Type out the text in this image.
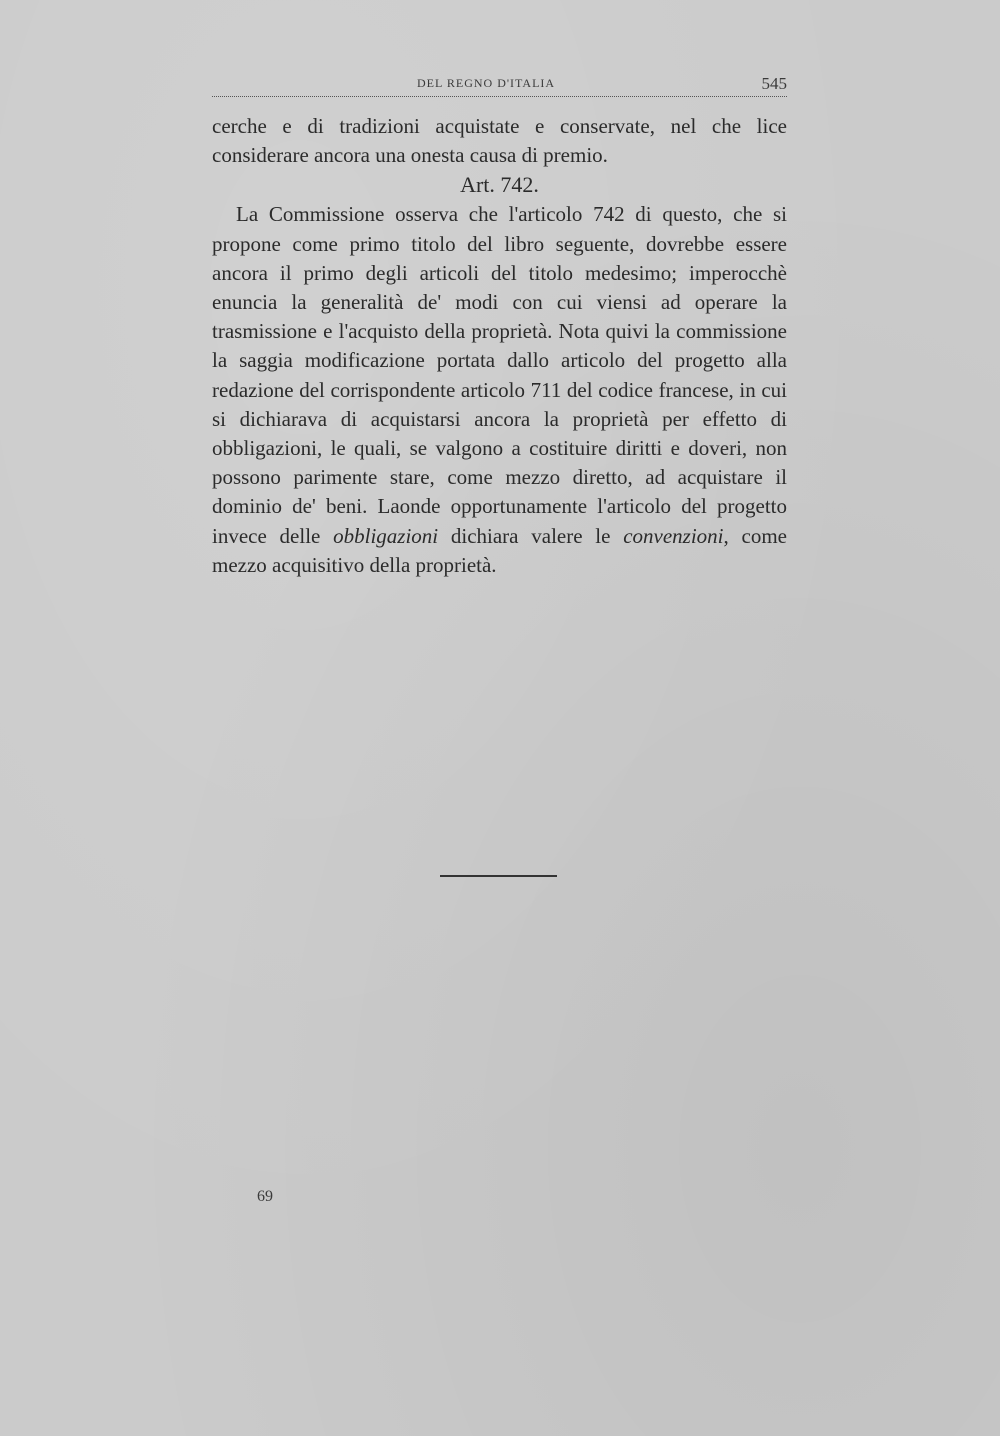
DEL REGNO D'ITALIA	545

cerche e di tradizioni acquistate e conservate, nel che lice considerare ancora una onesta causa di premio.

Art. 742.

La Commissione osserva che l'articolo 742 di questo, che si propone come primo titolo del libro seguente, dovrebbe essere ancora il primo degli articoli del titolo medesimo; imperocchè enuncia la generalità de' modi con cui viensi ad operare la trasmissione e l'acquisto della proprietà. Nota quivi la commissione la saggia modificazione portata dallo articolo del progetto alla redazione del corrispondente articolo 711 del codice francese, in cui si dichiarava di acquistarsi ancora la proprietà per effetto di obbligazioni, le quali, se valgono a costituire diritti e doveri, non possono parimente stare, come mezzo diretto, ad acquistare il dominio de' beni. Laonde opportunamente l'articolo del progetto invece delle obbligazioni dichiara valere le convenzioni, come mezzo acquisitivo della proprietà.

69
